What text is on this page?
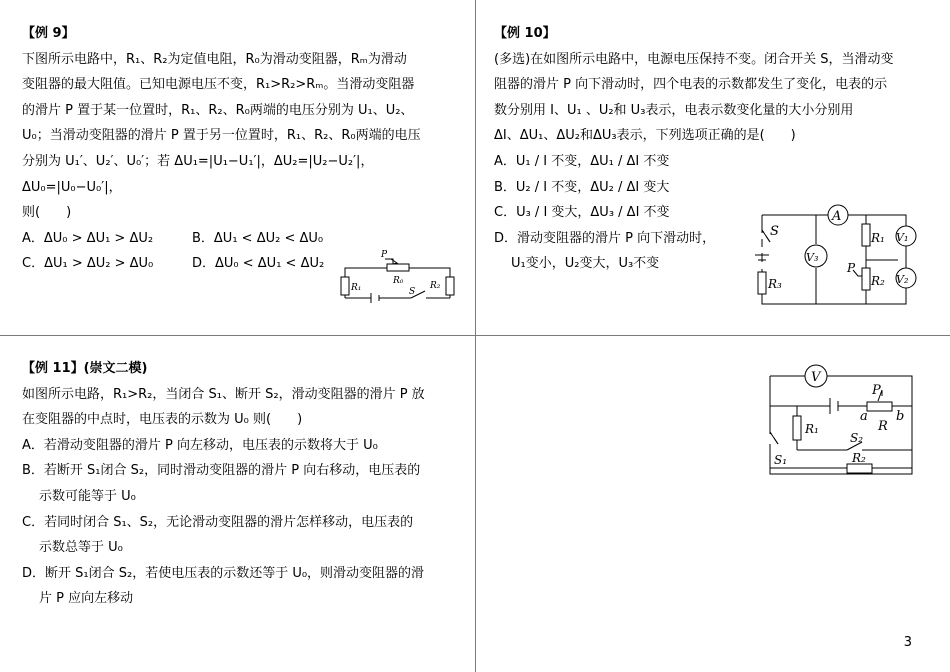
【例 9】

下图所示电路中，R₁、R₂为定值电阻，R₀为滑动变阻器，Rₘ为滑动

变阻器的最大阻值。已知电源电压不变，R₁>R₂>Rₘ。当滑动变阻器

的滑片 P 置于某一位置时，R₁、R₂、R₀两端的电压分别为 U₁、U₂、

U₀；当滑动变阻器的滑片 P 置于另一位置时，R₁、R₂、R₀两端的电压

分别为 U₁′、U₂′、U₀′；若 ΔU₁=|U₁−U₁′|，ΔU₂=|U₂−U₂′|，ΔU₀=|U₀−U₀′|，

则(　　)

A．ΔU₀ > ΔU₁ > ΔU₂	B．ΔU₁ < ΔU₂ < ΔU₀
C．ΔU₁ > ΔU₂ > ΔU₀	D．ΔU₀ < ΔU₁ < ΔU₂
P
R₀
R₁	R₂
S

【例 10】

(多选)在如图所示电路中，电源电压保持不变。闭合开关 S，当滑动变

阻器的滑片 P 向下滑动时，四个电表的示数都发生了变化，电表的示

数分别用 I、U₁ 、U₂和 U₃表示，电表示数变化量的大小分别用

ΔI、ΔU₁、ΔU₂和ΔU₃表示，下列选项正确的是(　　)

A．U₁ / I 不变，ΔU₁ / ΔI 不变

B．U₂ / I 不变，ΔU₂ / ΔI 变大

C．U₃ / I 变大，ΔU₃ / ΔI 不变

D．滑动变阻器的滑片 P 向下滑动时，

U₁变小，U₂变大，U₃不变

A
S
V₃
V₁
V₂
R₁
R₂
R₃
P

【例 11】(崇文二模)

如图所示电路，R₁>R₂，当闭合 S₁、断开 S₂，滑动变阻器的滑片 P 放

在变阻器的中点时，电压表的示数为 U₀ 则(　　)

A．若滑动变阻器的滑片 P 向左移动，电压表的示数将大于 U₀

B．若断开 S₁闭合 S₂，同时滑动变阻器的滑片 P 向右移动，电压表的

示数可能等于 U₀

C．若同时闭合 S₁、S₂，无论滑动变阻器的滑片怎样移动，电压表的

示数总等于 U₀

D．断开 S₁闭合 S₂，若使电压表的示数还等于 U₀，则滑动变阻器的滑

片 P 应向左移动

V
P
a b
R
R₁
R₂
S₂
S₁
3
